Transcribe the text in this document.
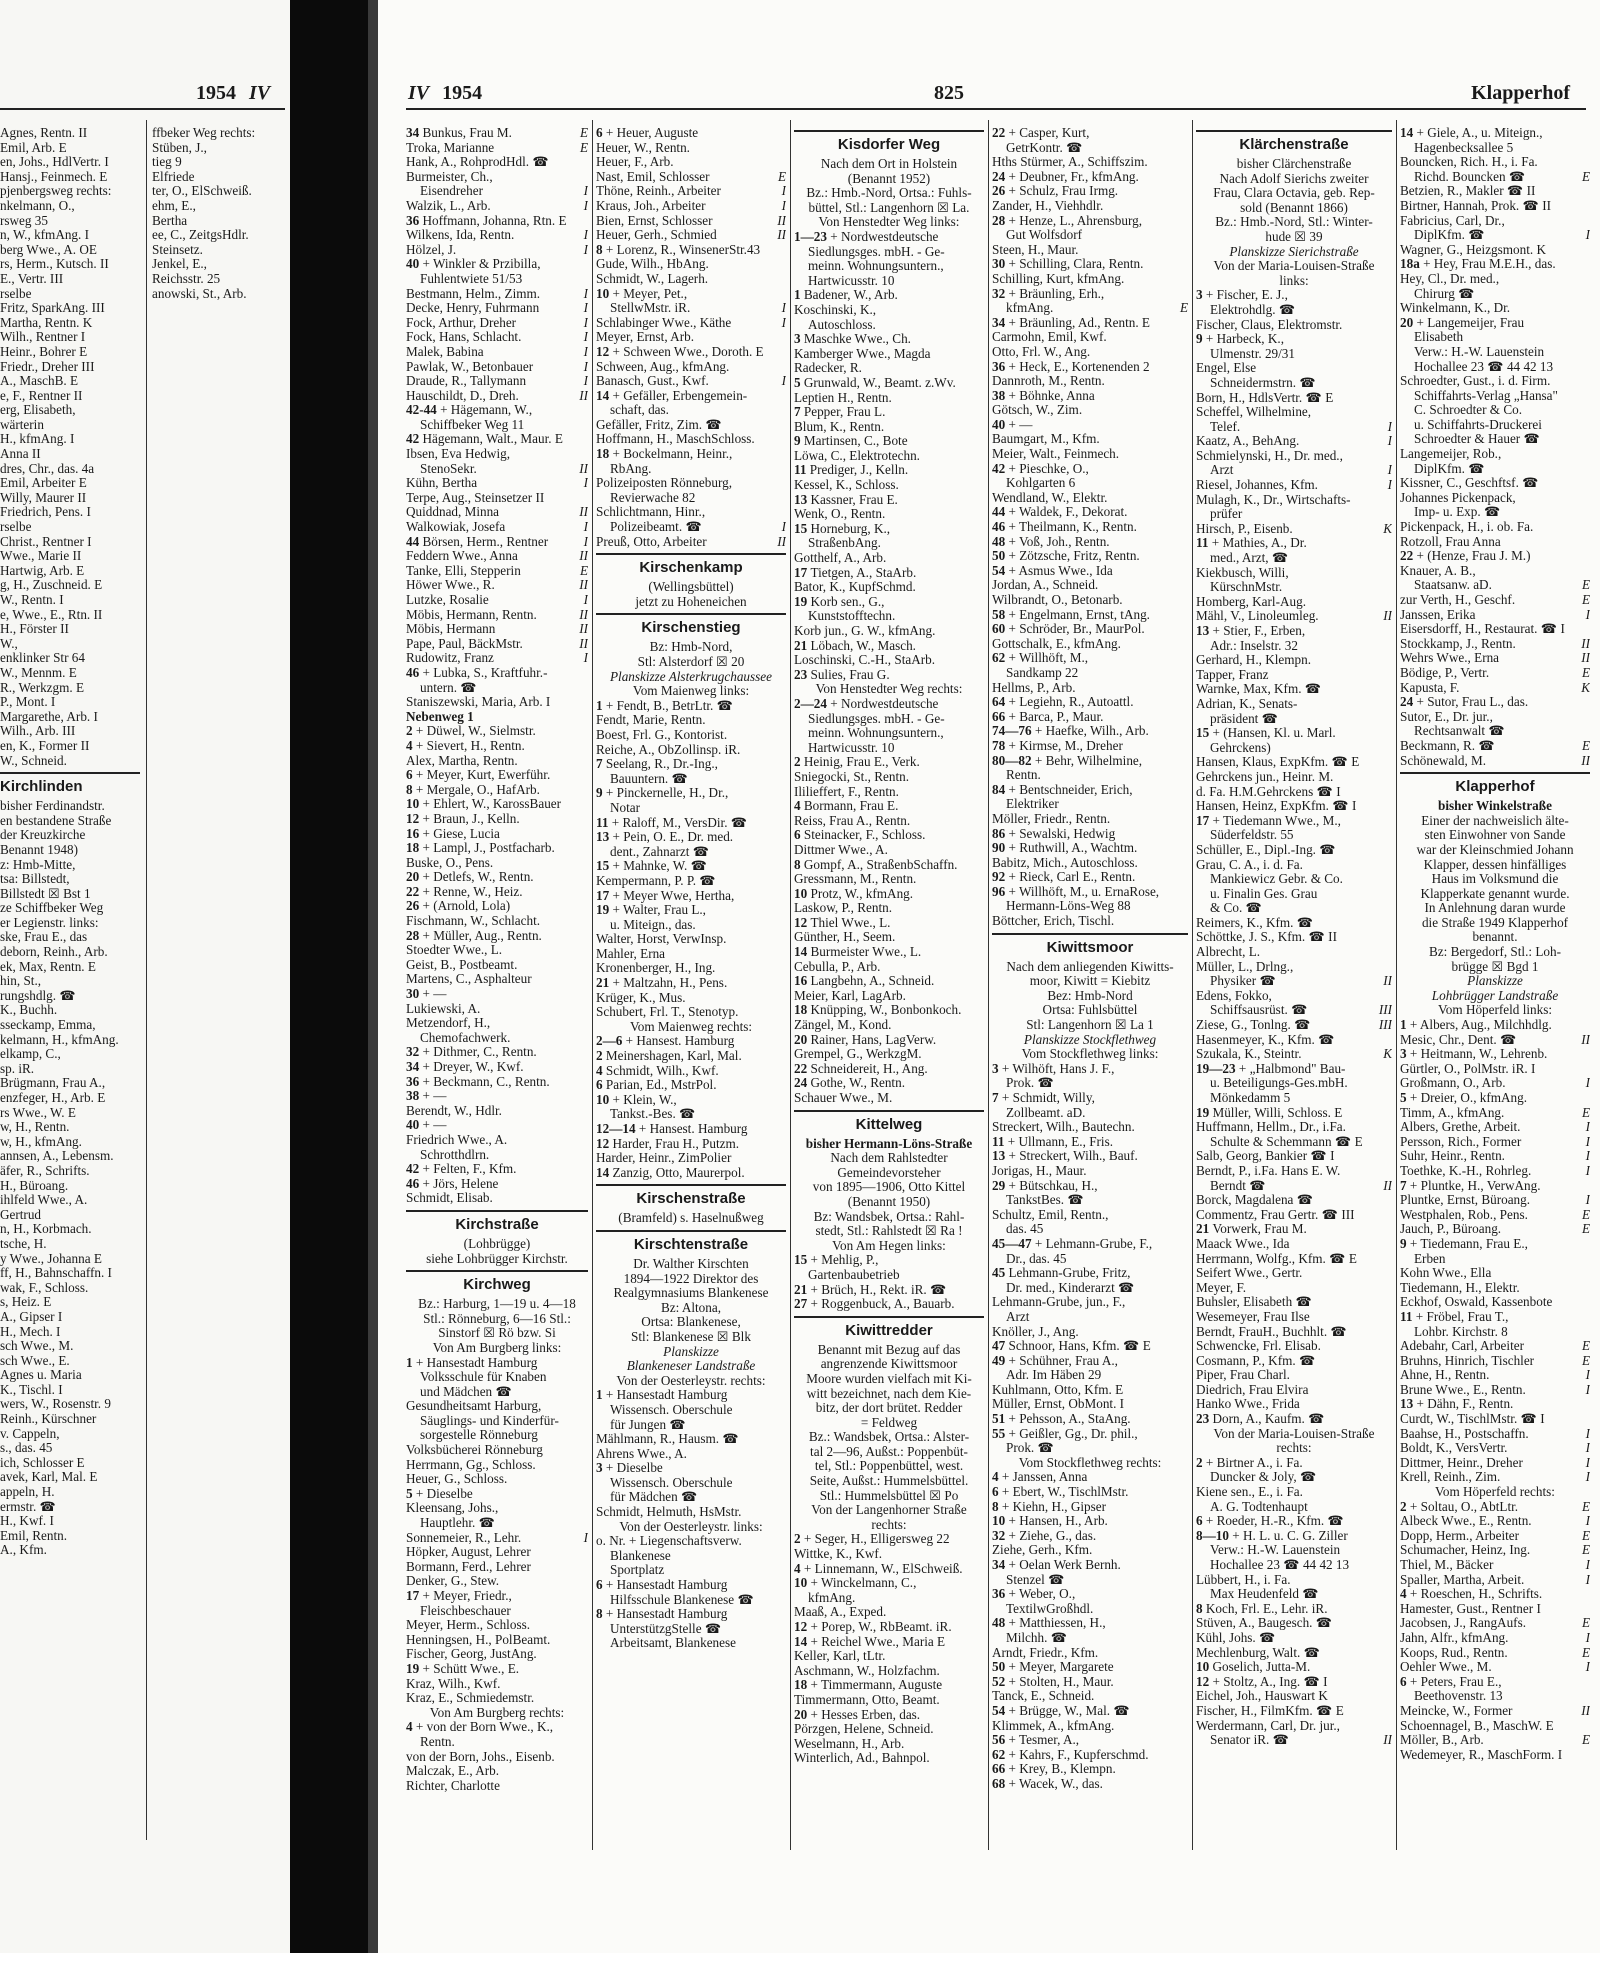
1954 IV
Agnes, Rentn. II
Emil, Arb. E
en, Johs., HdlVertr. I
Hansj., Feinmech. E
pjenbergsweg rechts:
nkelmann, O.,
rsweg 35
n, W., kfmAng. I
berg Wwe., A. OE
rs, Herm., Kutsch. II
E., Vertr. III
rselbe
Fritz, SparkAng. III
Martha, Rentn. K
Wilh., Rentner I
Heinr., Bohrer E
Friedr., Dreher III
A., MaschB. E
e, F., Rentner II
erg, Elisabeth,
wärterin
H., kfmAng. I
Anna II
dres, Chr., das. 4a
Emil, Arbeiter E
Willy, Maurer II
Friedrich, Pens. I
rselbe
Christ., Rentner I
Wwe., Marie II
Hartwig, Arb. E
g, H., Zuschneid. E
W., Rentn. I
e, Wwe., E., Rtn. II
H., Förster II
W.,
enklinker Str 64
W., Mennm. E
R., Werkzgm. E
P., Mont. I
Margarethe, Arb. I
Wilh., Arb. III
en, K., Former II
W., Schneid.
Kirchlinden
bisher Ferdinandstr.
en bestandene Straße
der Kreuzkirche
Benannt 1948)
z: Hmb-Mitte,
tsa: Billstedt,
Billstedt ☒ Bst 1
ze Schiffbeker Weg
er Legienstr. links:
ske, Frau E., das
deborn, Reinh., Arb.
ek, Max, Rentn. E
hin, St.,
rungshdlg. ☎
K., Buchh.
sseckamp, Emma,
kelmann, H., kfmAng.
elkamp, C.,
sp. iR.
Brügmann, Frau A.,
enzfeger, H., Arb. E
rs Wwe., W. E
w, H., Rentn.
w, H., kfmAng.
annsen, A., Lebensm.
äfer, R., Schrifts.
H., Büroang.
ihlfeld Wwe., A.
Gertrud
n, H., Korbmach.
tsche, H.
y Wwe., Johanna E
ff, H., Bahnschaffn. I
wak, F., Schloss.
s, Heiz. E
A., Gipser I
H., Mech. I
sch Wwe., M.
sch Wwe., E.
Agnes u. Maria
K., Tischl. I
wers, W., Rosenstr. 9
Reinh., Kürschner
v. Cappeln,
s., das. 45
ich, Schlosser E
avek, Karl, Mal. E
appeln, H.
ermstr. ☎
H., Kwf. I
Emil, Rentn.
A., Kfm.
ffbeker Weg rechts:
Stüben, J.,
tieg 9
Elfriede
ter, O., ElSchweiß.
ehm, E.,
Bertha
ee, C., ZeitgsHdlr.
Steinsetz.
Jenkel, E.,
Reichsstr. 25
anowski, St., Arb.
IV 1954	825	Klapperhof
E
34 Bunkus, Frau M.
E
Troka, Marianne
Hank, A., RohprodHdl. ☎
Burmeister, Ch.,
I
Eisendreher
I
Walzik, L., Arb.
36 Hoffmann, Johanna, Rtn. E
I
Wilkens, Ida, Rentn.
I
Hölzel, J.
40 + Winkler & Przibilla,
Fuhlentwiete 51/53
I
Bestmann, Helm., Zimm.
I
Decke, Henry, Fuhrmann
I
Fock, Arthur, Dreher
I
Fock, Hans, Schlacht.
I
Malek, Babina
I
Pawlak, W., Betonbauer
I
Draude, R., Tallymann
II
Hauschildt, D., Dreh.
42-44 + Hägemann, W.,
Schiffbeker Weg 11
42 Hägemann, Walt., Maur. E
Ibsen, Eva Hedwig,
II
StenoSekr.
I
Kühn, Bertha
Terpe, Aug., Steinsetzer II
II
Quiddnad, Minna
I
Walkowiak, Josefa
I
44 Börsen, Herm., Rentner
II
Feddern Wwe., Anna
E
Tanke, Elli, Stepperin
II
Höwer Wwe., R.
I
Lutzke, Rosalie
II
Möbis, Hermann, Rentn.
II
Möbis, Hermann
II
Pape, Paul, BäckMstr.
I
Rudowitz, Franz
46 + Lubka, S., Kraftfuhr.-
untern. ☎
Staniszewski, Maria, Arb. I
Nebenweg 1
2 + Düwel, W., Sielmstr.
4 + Sievert, H., Rentn.
Alex, Martha, Rentn.
6 + Meyer, Kurt, Ewerführ.
8 + Mergale, O., HafArb.
10 + Ehlert, W., KarossBauer
12 + Braun, J., Kelln.
16 + Giese, Lucia
18 + Lampl, J., Postfacharb.
Buske, O., Pens.
20 + Detlefs, W., Rentn.
22 + Renne, W., Heiz.
26 + (Arnold, Lola)
Fischmann, W., Schlacht.
28 + Müller, Aug., Rentn.
Stoedter Wwe., L.
Geist, B., Postbeamt.
Martens, C., Asphalteur
30 + —
Lukiewski, A.
Metzendorf, H.,
Chemofachwerk.
32 + Dithmer, C., Rentn.
34 + Dreyer, W., Kwf.
36 + Beckmann, C., Rentn.
38 + —
Berendt, W., Hdlr.
40 + —
Friedrich Wwe., A.
Schrotthdlrn.
42 + Felten, F., Kfm.
46 + Jörs, Helene
Schmidt, Elisab.
Kirchstraße
(Lohbrügge)
siehe Lohbrügger Kirchstr.
Kirchweg
Bz.: Harburg, 1—19 u. 4—18
Stl.: Rönneburg, 6—16 Stl.:
Sinstorf ☒ Rö bzw. Si
Von Am Burgberg links:
1 + Hansestadt Hamburg
Volksschule für Knaben
und Mädchen ☎
Gesundheitsamt Harburg,
Säuglings- und Kinderfür-
sorgestelle Rönneburg
Volksbücherei Rönneburg
Herrmann, Gg., Schloss.
Heuer, G., Schloss.
5 + Dieselbe
Kleensang, Johs.,
Hauptlehr. ☎
I
Sonnemeier, R., Lehr.
Höpker, August, Lehrer
Bormann, Ferd., Lehrer
Denker, G., Stew.
17 + Meyer, Friedr.,
Fleischbeschauer
Meyer, Herm., Schloss.
Henningsen, H., PolBeamt.
Fischer, Georg, JustAng.
19 + Schütt Wwe., E.
Kraz, Wilh., Kwf.
Kraz, E., Schmiedemstr.
Von Am Burgberg rechts:
4 + von der Born Wwe., K.,
Rentn.
von der Born, Johs., Eisenb.
Malczak, E., Arb.
Richter, Charlotte
6 + Heuer, Auguste
Heuer, W., Rentn.
Heuer, F., Arb.
E
Nast, Emil, Schlosser
I
Thöne, Reinh., Arbeiter
I
Kraus, Joh., Arbeiter
II
Bien, Ernst, Schlosser
II
Heuer, Gerh., Schmied
8 + Lorenz, R., WinsenerStr.43
Gude, Wilh., HbAng.
Schmidt, W., Lagerh.
10 + Meyer, Pet.,
I
StellwMstr. iR.
I
Schlabinger Wwe., Käthe
Meyer, Ernst, Arb.
12 + Schween Wwe., Doroth. E
Schween, Aug., kfmAng.
I
Banasch, Gust., Kwf.
14 + Gefäller, Erbengemein-
schaft, das.
Gefäller, Fritz, Zim. ☎
Hoffmann, H., MaschSchloss.
18 + Bockelmann, Heinr.,
RbAng.
Polizeiposten Rönneburg,
Revierwache 82
Schlichtmann, Hinr.,
I
Polizeibeamt. ☎
II
Preuß, Otto, Arbeiter
Kirschenkamp
(Wellingsbüttel)
jetzt zu Hoheneichen
Kirschenstieg
Bz: Hmb-Nord,
Stl: Alsterdorf ☒ 20
Planskizze Alsterkrugchaussee
Vom Maienweg links:
1 + Fendt, B., BetrLtr. ☎
Fendt, Marie, Rentn.
Boest, Frl. G., Kontorist.
Reiche, A., ObZollinsp. iR.
7 Seelang, R., Dr.-Ing.,
Bauuntern. ☎
9 + Pinckernelle, H., Dr.,
Notar
11 + Raloff, M., VersDir. ☎
13 + Pein, O. E., Dr. med.
dent., Zahnarzt ☎
15 + Mahnke, W. ☎
Kempermann, P. P. ☎
17 + Meyer Wwe, Hertha,
19 + Walter, Frau L.,
u. Miteign., das.
Walter, Horst, VerwInsp.
Mahler, Erna
Kronenberger, H., Ing.
21 + Maltzahn, H., Pens.
Krüger, K., Mus.
Schubert, Frl. T., Stenotyp.
Vom Maienweg rechts:
2—6 + Hansest. Hamburg
2 Meinershagen, Karl, Mal.
4 Schmidt, Wilh., Kwf.
6 Parian, Ed., MstrPol.
10 + Klein, W.,
Tankst.-Bes. ☎
12—14 + Hansest. Hamburg
12 Harder, Frau H., Putzm.
Harder, Heinr., ZimPolier
14 Zanzig, Otto, Maurerpol.
Kirschenstraße
(Bramfeld) s. Haselnußweg
Kirschtenstraße
Dr. Walther Kirschten
1894—1922 Direktor des
Realgymnasiums Blankenese
Bz: Altona,
Ortsa: Blankenese,
Stl: Blankenese ☒ Blk
Planskizze
Blankeneser Landstraße
Von der Oesterleystr. rechts:
1 + Hansestadt Hamburg
Wissensch. Oberschule
für Jungen ☎
Mählmann, R., Hausm. ☎
Ahrens Wwe., A.
3 + Dieselbe
Wissensch. Oberschule
für Mädchen ☎
Schmidt, Helmuth, HsMstr.
Von der Oesterleystr. links:
o. Nr. + Liegenschaftsverw.
Blankenese
Sportplatz
6 + Hansestadt Hamburg
Hilfsschule Blankenese ☎
8 + Hansestadt Hamburg
UnterstützgStelle ☎
Arbeitsamt, Blankenese
Kisdorfer Weg
Nach dem Ort in Holstein
(Benannt 1952)
Bz.: Hmb.-Nord, Ortsa.: Fuhls-
büttel, Stl.: Langenhorn ☒ La.
Von Henstedter Weg links:
1—23 + Nordwestdeutsche
Siedlungsges. mbH. - Ge-
meinn. Wohnungsuntern.,
Hartwicusstr. 10
1 Badener, W., Arb.
Koschinski, K.,
Autoschloss.
3 Maschke Wwe., Ch.
Kamberger Wwe., Magda
Radecker, R.
5 Grunwald, W., Beamt. z.Wv.
Leptien H., Rentn.
7 Pepper, Frau L.
Blum, K., Rentn.
9 Martinsen, C., Bote
Löwa, C., Elektrotechn.
11 Prediger, J., Kelln.
Kessel, K., Schloss.
13 Kassner, Frau E.
Wenk, O., Rentn.
15 Horneburg, K.,
StraßenbAng.
Gotthelf, A., Arb.
17 Tietgen, A., StaArb.
Bator, K., KupfSchmd.
19 Korb sen., G.,
Kunststofftechn.
Korb jun., G. W., kfmAng.
21 Löbach, W., Masch.
Loschinski, C.-H., StaArb.
23 Sulies, Frau G.
Von Henstedter Weg rechts:
2—24 + Nordwestdeutsche
Siedlungsges. mbH. - Ge-
meinn. Wohnungsuntern.,
Hartwicusstr. 10
2 Heinig, Frau E., Verk.
Sniegocki, St., Rentn.
Ililieffert, F., Rentn.
4 Bormann, Frau E.
Reiss, Frau A., Rentn.
6 Steinacker, F., Schloss.
Dittmer Wwe., A.
8 Gompf, A., StraßenbSchaffn.
Gressmann, M., Rentn.
10 Protz, W., kfmAng.
Laskow, P., Rentn.
12 Thiel Wwe., L.
Günther, H., Seem.
14 Burmeister Wwe., L.
Cebulla, P., Arb.
16 Langbehn, A., Schneid.
Meier, Karl, LagArb.
18 Knüpping, W., Bonbonkoch.
Zängel, M., Kond.
20 Rainer, Hans, LagVerw.
Grempel, G., WerkzgM.
22 Schneidereit, H., Ang.
24 Gothe, W., Rentn.
Schauer Wwe., M.
Kittelweg
bisher Hermann-Löns-Straße
Nach dem Rahlstedter
Gemeindevorsteher
von 1895—1906, Otto Kittel
(Benannt 1950)
Bz: Wandsbek, Ortsa.: Rahl-
stedt, Stl.: Rahlstedt ☒ Ra !
Von Am Hegen links:
15 + Mehlig, P.,
Gartenbaubetrieb
21 + Brüch, H., Rekt. iR. ☎
27 + Roggenbuck, A., Bauarb.
Kiwittredder
Benannt mit Bezug auf das
angrenzende Kiwittsmoor
Moore wurden vielfach mit Ki-
witt bezeichnet, nach dem Kie-
bitz, der dort brütet. Redder
= Feldweg
Bz.: Wandsbek, Ortsa.: Alster-
tal 2—96, Außst.: Poppenbüt-
tel, Stl.: Poppenbüttel, west.
Seite, Außst.: Hummelsbüttel.
Stl.: Hummelsbüttel ☒ Po
Von der Langenhorner Straße
rechts:
2 + Seger, H., Elligersweg 22
Wittke, K., Kwf.
4 + Linnemann, W., ElSchweiß.
10 + Winckelmann, C.,
kfmAng.
Maaß, A., Exped.
12 + Porep, W., RbBeamt. iR.
14 + Reichel Wwe., Maria E
Keller, Karl, tLtr.
Aschmann, W., Holzfachm.
18 + Timmermann, Auguste
Timmermann, Otto, Beamt.
20 + Hesses Erben, das.
Pörzgen, Helene, Schneid.
Weselmann, H., Arb.
Winterlich, Ad., Bahnpol.
22 + Casper, Kurt,
GetrKontr. ☎
Hths Stürmer, A., Schiffszim.
24 + Deubner, Fr., kfmAng.
26 + Schulz, Frau Irmg.
Zander, H., Viehhdlr.
28 + Henze, L., Ahrensburg,
Gut Wolfsdorf
Steen, H., Maur.
30 + Schilling, Clara, Rentn.
Schilling, Kurt, kfmAng.
32 + Bräunling, Erh.,
E
kfmAng.
34 + Bräunling, Ad., Rentn. E
Carmohn, Emil, Kwf.
Otto, Frl. W., Ang.
36 + Heck, E., Kortenenden 2
Dannroth, M., Rentn.
38 + Böhnke, Anna
Götsch, W., Zim.
40 + —
Baumgart, M., Kfm.
Meier, Walt., Feinmech.
42 + Pieschke, O.,
Kohlgarten 6
Wendland, W., Elektr.
44 + Waldek, F., Dekorat.
46 + Theilmann, K., Rentn.
48 + Voß, Joh., Rentn.
50 + Zötzsche, Fritz, Rentn.
54 + Asmus Wwe., Ida
Jordan, A., Schneid.
Wilbrandt, O., Betonarb.
58 + Engelmann, Ernst, tAng.
60 + Schröder, Br., MaurPol.
Gottschalk, E., kfmAng.
62 + Willhöft, M.,
Sandkamp 22
Hellms, P., Arb.
64 + Legiehn, R., Autoattl.
66 + Barca, P., Maur.
74—76 + Haefke, Wilh., Arb.
78 + Kirmse, M., Dreher
80—82 + Behr, Wilhelmine,
Rentn.
84 + Bentschneider, Erich,
Elektriker
Möller, Friedr., Rentn.
86 + Sewalski, Hedwig
90 + Ruthwill, A., Wachtm.
Babitz, Mich., Autoschloss.
92 + Rieck, Carl E., Rentn.
96 + Willhöft, M., u. ErnaRose,
Hermann-Löns-Weg 88
Böttcher, Erich, Tischl.
Kiwittsmoor
Nach dem anliegenden Kiwitts-
moor, Kiwitt = Kiebitz
Bez: Hmb-Nord
Ortsa: Fuhlsbüttel
Stl: Langenhorn ☒ La 1
Planskizze Stockflethweg
Vom Stockflethweg links:
3 + Wilhöft, Hans J. F.,
Prok. ☎
7 + Schmidt, Willy,
Zollbeamt. aD.
Streckert, Wilh., Bautechn.
11 + Ullmann, E., Fris.
13 + Streckert, Wilh., Bauf.
Jorigas, H., Maur.
29 + Bütschkau, H.,
TankstBes. ☎
Schultz, Emil, Rentn.,
das. 45
45—47 + Lehmann-Grube, F.,
Dr., das. 45
45 Lehmann-Grube, Fritz,
Dr. med., Kinderarzt ☎
Lehmann-Grube, jun., F.,
Arzt
Knöller, J., Ang.
47 Schnoor, Hans, Kfm. ☎ E
49 + Schühner, Frau A.,
Adr. Im Häben 29
Kuhlmann, Otto, Kfm. E
Müller, Ernst, ObMont. I
51 + Pehsson, A., StaAng.
55 + Geißler, Gg., Dr. phil.,
Prok. ☎
Vom Stockflethweg rechts:
4 + Janssen, Anna
6 + Ebert, W., TischlMstr.
8 + Kiehn, H., Gipser
10 + Hansen, H., Arb.
32 + Ziehe, G., das.
Ziehe, Gerh., Kfm.
34 + Oelan Werk Bernh.
Stenzel ☎
36 + Weber, O.,
TextilwGroßhdl.
48 + Matthiessen, H.,
Milchh. ☎
Arndt, Friedr., Kfm.
50 + Meyer, Margarete
52 + Stolten, H., Maur.
Tanck, E., Schneid.
54 + Brügge, W., Mal. ☎
Klimmek, A., kfmAng.
56 + Tesmer, A.,
62 + Kahrs, F., Kupferschmd.
66 + Krey, B., Klempn.
68 + Wacek, W., das.
Klärchenstraße
bisher Clärchenstraße
Nach Adolf Sierichs zweiter
Frau, Clara Octavia, geb. Rep-
sold (Benannt 1866)
Bz.: Hmb.-Nord, Stl.: Winter-
hude ☒ 39
Planskizze Sierichstraße
Von der Maria-Louisen-Straße
links:
3 + Fischer, E. J.,
Elektrohdlg. ☎
Fischer, Claus, Elektromstr.
9 + Harbeck, K.,
Ulmenstr. 29/31
Engel, Else
Schneidermstrn. ☎
Born, H., HdlsVertr. ☎ E
Scheffel, Wilhelmine,
I
Telef.
I
Kaatz, A., BehAng.
Schmielynski, H., Dr. med.,
I
Arzt
I
Riesel, Johannes, Kfm.
Mulagh, K., Dr., Wirtschafts-
prüfer
K
Hirsch, P., Eisenb.
11 + Mathies, A., Dr.
med., Arzt, ☎
Kiekbusch, Willi,
KürschnMstr.
Homberg, Karl-Aug.
II
Mähl, V., Linoleumleg.
13 + Stier, F., Erben,
Adr.: Inselstr. 32
Gerhard, H., Klempn.
Tapper, Franz
Warnke, Max, Kfm. ☎
Adrian, K., Senats-
präsident ☎
15 + (Hansen, Kl. u. Marl.
Gehrckens)
Hansen, Klaus, ExpKfm. ☎ E
Gehrckens jun., Heinr. M.
d. Fa. H.M.Gehrckens ☎ I
Hansen, Heinz, ExpKfm. ☎ I
17 + Tiedemann Wwe., M.,
Süderfeldstr. 55
Schüller, E., Dipl.-Ing. ☎
Grau, C. A., i. d. Fa.
Mankiewicz Gebr. & Co.
u. Finalin Ges. Grau
& Co. ☎
Reimers, K., Kfm. ☎
Schöttke, J. S., Kfm. ☎ II
Albrecht, L.
Müller, L., Drlng.,
II
Physiker ☎
Edens, Fokko,
III
Schiffsausrüst. ☎
III
Ziese, G., Tonlng. ☎
Hasenmeyer, K., Kfm. ☎
K
Szukala, K., Steintr.
19—23 + „Halbmond" Bau-
u. Beteiligungs-Ges.mbH.
Mönkedamm 5
19 Müller, Willi, Schloss. E
Huffmann, Hellm., Dr., i.Fa.
Schulte & Schemmann ☎ E
Salb, Georg, Bankier ☎ I
Berndt, P., i.Fa. Hans E. W.
II
Berndt ☎
Borck, Magdalena ☎
Commentz, Frau Gertr. ☎ III
21 Vorwerk, Frau M.
Maack Wwe., Ida
Herrmann, Wolfg., Kfm. ☎ E
Seifert Wwe., Gertr.
Meyer, F.
Buhsler, Elisabeth ☎
Wesemeyer, Frau Ilse
Berndt, FrauH., Buchhlt. ☎
Schwencke, Frl. Elisab.
Cosmann, P., Kfm. ☎
Piper, Frau Charl.
Diedrich, Frau Elvira
Hanko Wwe., Frida
23 Dorn, A., Kaufm. ☎
Von der Maria-Louisen-Straße
rechts:
2 + Birtner A., i. Fa.
Duncker & Joly, ☎
Kiene sen., E., i. Fa.
A. G. Todtenhaupt
6 + Roeder, H.-R., Kfm. ☎
8—10 + H. L. u. C. G. Ziller
Verw.: H.-W. Lauenstein
Hochallee 23 ☎ 44 42 13
Lübbert, H., i. Fa.
Max Heudenfeld ☎
8 Koch, Frl. E., Lehr. iR.
Stüven, A., Baugesch. ☎
Kühl, Johs. ☎
Mechlenburg, Walt. ☎
10 Goselich, Jutta-M.
12 + Stoltz, A., Ing. ☎ I
Eichel, Joh., Hauswart K
Fischer, H., FilmKfm. ☎ E
Werdermann, Carl, Dr. jur.,
II
Senator iR. ☎
14 + Giele, A., u. Miteign.,
Hagenbecksallee 5
Bouncken, Rich. H., i. Fa.
E
Richd. Bouncken ☎
Betzien, R., Makler ☎ II
Birtner, Hannah, Prok. ☎ II
Fabricius, Carl, Dr.,
I
DiplKfm. ☎
Wagner, G., Heizgsmont. K
18a + Hey, Frau M.E.H., das.
Hey, Cl., Dr. med.,
Chirurg ☎
Winkelmann, K., Dr.
20 + Langemeijer, Frau
Elisabeth
Verw.: H.-W. Lauenstein
Hochallee 23 ☎ 44 42 13
Schroedter, Gust., i. d. Firm.
Schiffahrts-Verlag „Hansa"
C. Schroedter & Co.
u. Schiffahrts-Druckerei
Schroedter & Hauer ☎
Langemeijer, Rob.,
DiplKfm. ☎
Kissner, C., Geschftsf. ☎
Johannes Pickenpack,
Imp- u. Exp. ☎
Pickenpack, H., i. ob. Fa.
Rotzoll, Frau Anna
22 + (Henze, Frau J. M.)
Knauer, A. B.,
E
Staatsanw. aD.
E
zur Verth, H., Geschf.
I
Janssen, Erika
Eisersdorff, H., Restaurat. ☎ I
II
Stockkamp, J., Rentn.
II
Wehrs Wwe., Erna
E
Bödige, P., Vertr.
K
Kapusta, F.
24 + Sutor, Frau L., das.
Sutor, E., Dr. jur.,
Rechtsanwalt ☎
E
Beckmann, R. ☎
II
Schönewald, M.
Klapperhof
bisher Winkelstraße
Einer der nachweislich älte-
sten Einwohner von Sande
war der Kleinschmied Johann
Klapper, dessen hinfälliges
Haus im Volksmund die
Klapperkate genannt wurde.
In Anlehnung daran wurde
die Straße 1949 Klapperhof
benannt.
Bz: Bergedorf, Stl.: Loh-
brügge ☒ Bgd 1
Planskizze
Lohbrügger Landstraße
Vom Höperfeld links:
1 + Albers, Aug., Milchhdlg.
II
Mesic, Chr., Dent. ☎
3 + Heitmann, W., Lehrenb.
Gürtler, O., PolMstr. iR. I
I
Großmann, O., Arb.
5 + Dreier, O., kfmAng.
E
Timm, A., kfmAng.
I
Albers, Grethe, Arbeit.
I
Persson, Rich., Former
I
Suhr, Heinr., Rentn.
I
Toethke, K.-H., Rohrleg.
7 + Pluntke, H., VerwAng.
I
Pluntke, Ernst, Büroang.
E
Westphalen, Rob., Pens.
E
Jauch, P., Büroang.
9 + Tiedemann, Frau E.,
Erben
Kohn Wwe., Ella
Tiedemann, H., Elektr.
Eckhof, Oswald, Kassenbote
11 + Fröbel, Frau T.,
Lohbr. Kirchstr. 8
E
Adebahr, Carl, Arbeiter
E
Bruhns, Hinrich, Tischler
I
Ahne, H., Rentn.
I
Brune Wwe., E., Rentn.
13 + Dähn, F., Rentn.
Curdt, W., TischlMstr. ☎ I
I
Baahse, H., Postschaffn.
I
Boldt, K., VersVertr.
I
Dittmer, Heinr., Dreher
I
Krell, Reinh., Zim.
Vom Höperfeld rechts:
E
2 + Soltau, O., AbtLtr.
I
Albeck Wwe., E., Rentn.
E
Dopp, Herm., Arbeiter
E
Schumacher, Heinz, Ing.
I
Thiel, M., Bäcker
I
Spaller, Martha, Arbeit.
4 + Roeschen, H., Schrifts.
Hamester, Gust., Rentner I
E
Jacobsen, J., RangAufs.
I
Jahn, Alfr., kfmAng.
E
Koops, Rud., Rentn.
I
Oehler Wwe., M.
6 + Peters, Frau E.,
Beethovenstr. 13
II
Meincke, W., Former
Schoennagel, B., MaschW. E
E
Möller, B., Arb.
Wedemeyer, R., MaschForm. I
